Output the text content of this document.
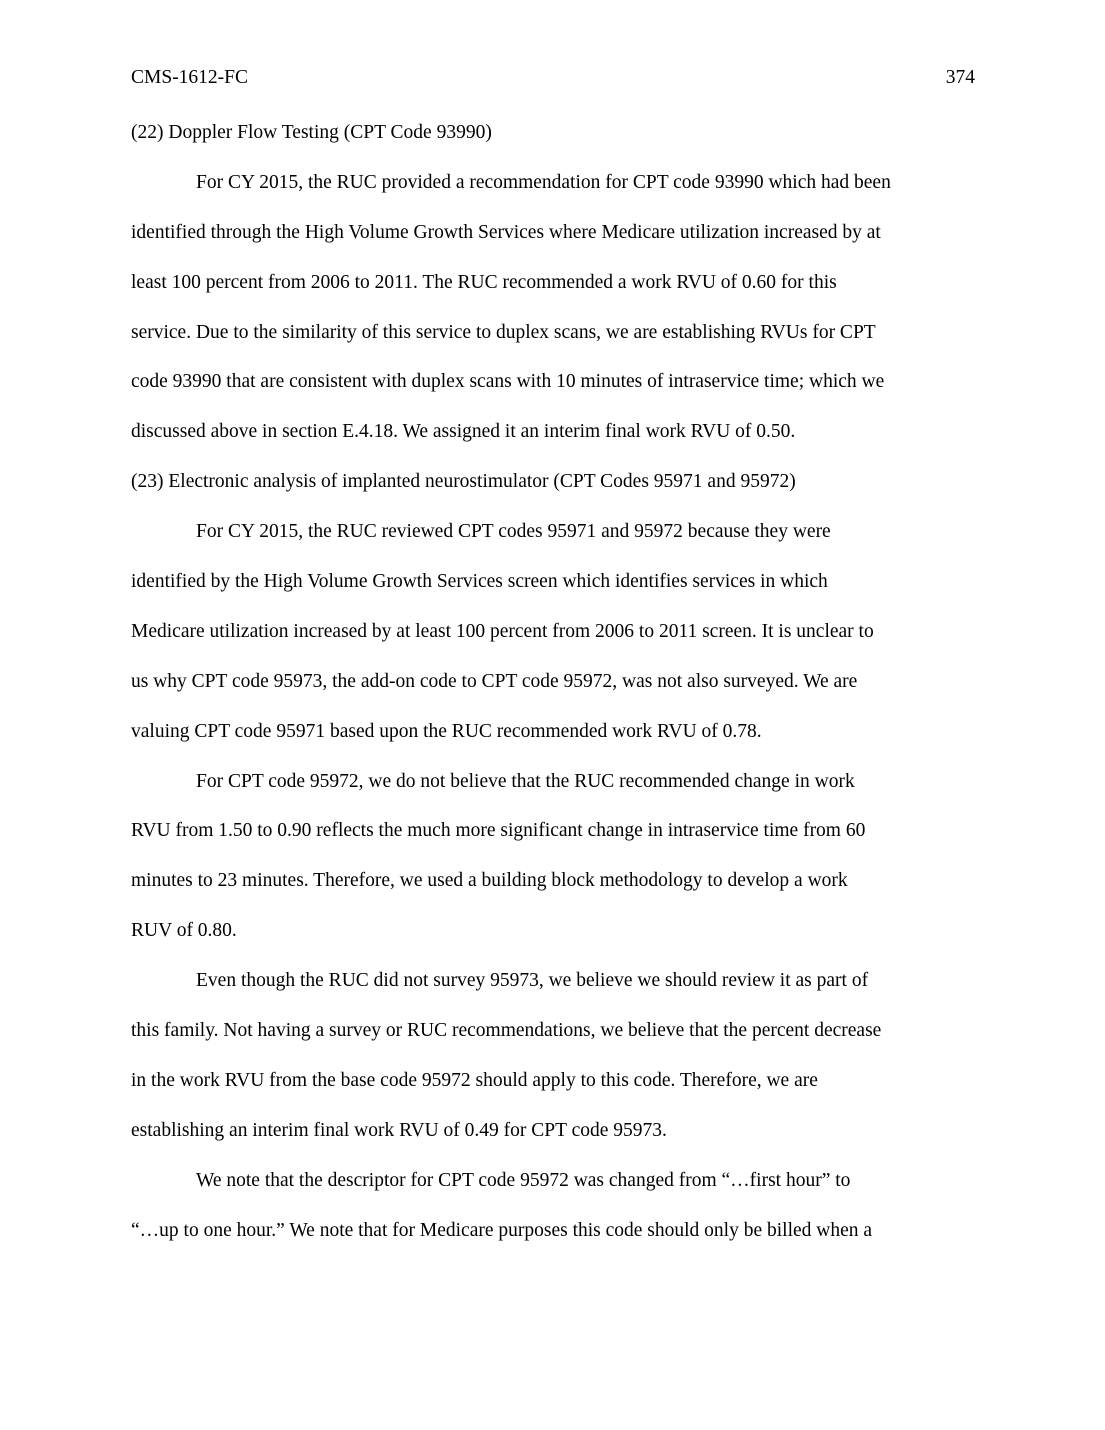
CMS-1612-FC	374
(22) Doppler Flow Testing (CPT Code 93990)
For CY 2015, the RUC provided a recommendation for CPT code 93990 which had been
identified through the High Volume Growth Services where Medicare utilization increased by at
least 100 percent from 2006 to 2011. The RUC recommended a work RVU of 0.60 for this
service. Due to the similarity of this service to duplex scans, we are establishing RVUs for CPT
code 93990 that are consistent with duplex scans with 10 minutes of intraservice time; which we
discussed above in section E.4.18. We assigned it an interim final work RVU of 0.50.
(23) Electronic analysis of implanted neurostimulator (CPT Codes 95971 and 95972)
For CY 2015, the RUC reviewed CPT codes 95971 and 95972 because they were
identified by the High Volume Growth Services screen which identifies services in which
Medicare utilization increased by at least 100 percent from 2006 to 2011 screen. It is unclear to
us why CPT code 95973, the add-on code to CPT code 95972, was not also surveyed. We are
valuing CPT code 95971 based upon the RUC recommended work RVU of 0.78.
For CPT code 95972, we do not believe that the RUC recommended change in work
RVU from 1.50 to 0.90 reflects the much more significant change in intraservice time from 60
minutes to 23 minutes. Therefore, we used a building block methodology to develop a work
RUV of 0.80.
Even though the RUC did not survey 95973, we believe we should review it as part of
this family. Not having a survey or RUC recommendations, we believe that the percent decrease
in the work RVU from the base code 95972 should apply to this code. Therefore, we are
establishing an interim final work RVU of 0.49 for CPT code 95973.
We note that the descriptor for CPT code 95972 was changed from “…first hour” to
“…up to one hour.” We note that for Medicare purposes this code should only be billed when a
